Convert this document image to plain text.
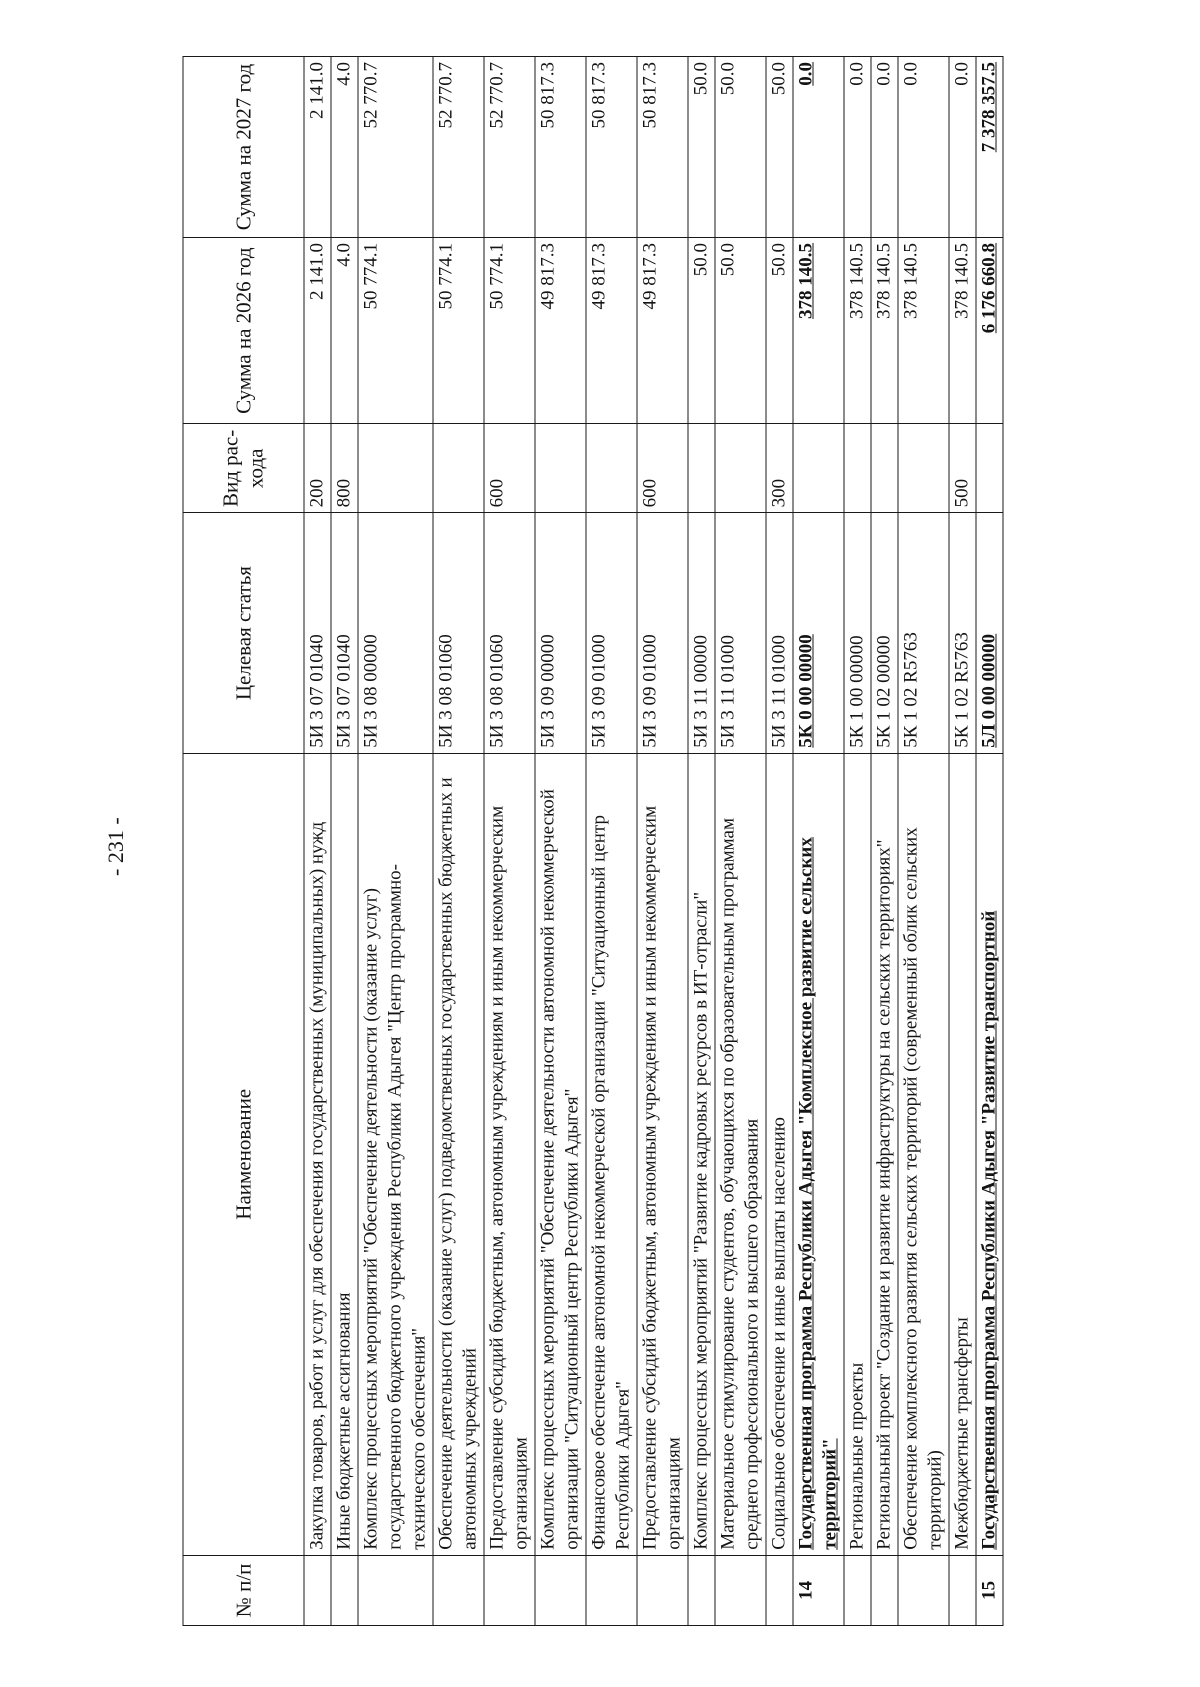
- 231 -
№ п/п	Наименование	Целевая статья	Вид рас-хода	Сумма на 2026 год	Сумма на 2027 год
	Закупка товаров, работ и услуг для обеспечения государственных (муниципальных) нужд	5И 3 07 01040	200	2 141.0	2 141.0
	Иные бюджетные ассигнования	5И 3 07 01040	800	4.0	4.0
	Комплекс процессных мероприятий "Обеспечение деятельности (оказание услуг) государственного бюджетного учреждения Республики Адыгея "Центр программно-технического обеспечения"	5И 3 08 00000		50 774.1	52 770.7
	Обеспечение деятельности (оказание услуг) подведомственных государственных бюджетных и автономных учреждений	5И 3 08 01060		50 774.1	52 770.7
	Предоставление субсидий бюджетным, автономным учреждениям и иным некоммерческим организациям	5И 3 08 01060	600	50 774.1	52 770.7
	Комплекс процессных мероприятий "Обеспечение деятельности автономной некоммерческой организации "Ситуационный центр Республики Адыгея"	5И 3 09 00000		49 817.3	50 817.3
	Финансовое обеспечение автономной некоммерческой организации "Ситуационный центр Республики Адыгея"	5И 3 09 01000		49 817.3	50 817.3
	Предоставление субсидий бюджетным, автономным учреждениям и иным некоммерческим организациям	5И 3 09 01000	600	49 817.3	50 817.3
	Комплекс процессных мероприятий "Развитие кадровых ресурсов в ИТ-отрасли"	5И 3 11 00000		50.0	50.0
	Материальное стимулирование студентов, обучающихся по образовательным программам среднего профессионального и высшего образования	5И 3 11 01000		50.0	50.0
	Социальное обеспечение и иные выплаты населению	5И 3 11 01000	300	50.0	50.0
14	Государственная программа Республики Адыгея "Комплексное развитие сельских территорий"	5К 0 00 00000		378 140.5	0.0
	Региональные проекты	5К 1 00 00000		378 140.5	0.0
	Региональный проект "Создание и развитие инфраструктуры на сельских территориях"	5К 1 02 00000		378 140.5	0.0
	Обеспечение комплексного развития сельских территорий (современный облик сельских территорий)	5К 1 02 R5763		378 140.5	0.0
	Межбюджетные трансферты	5К 1 02 R5763	500	378 140.5	0.0
15	Государственная программа Республики Адыгея "Развитие транспортной	5Л 0 00 00000		6 176 660.8	7 378 357.5
